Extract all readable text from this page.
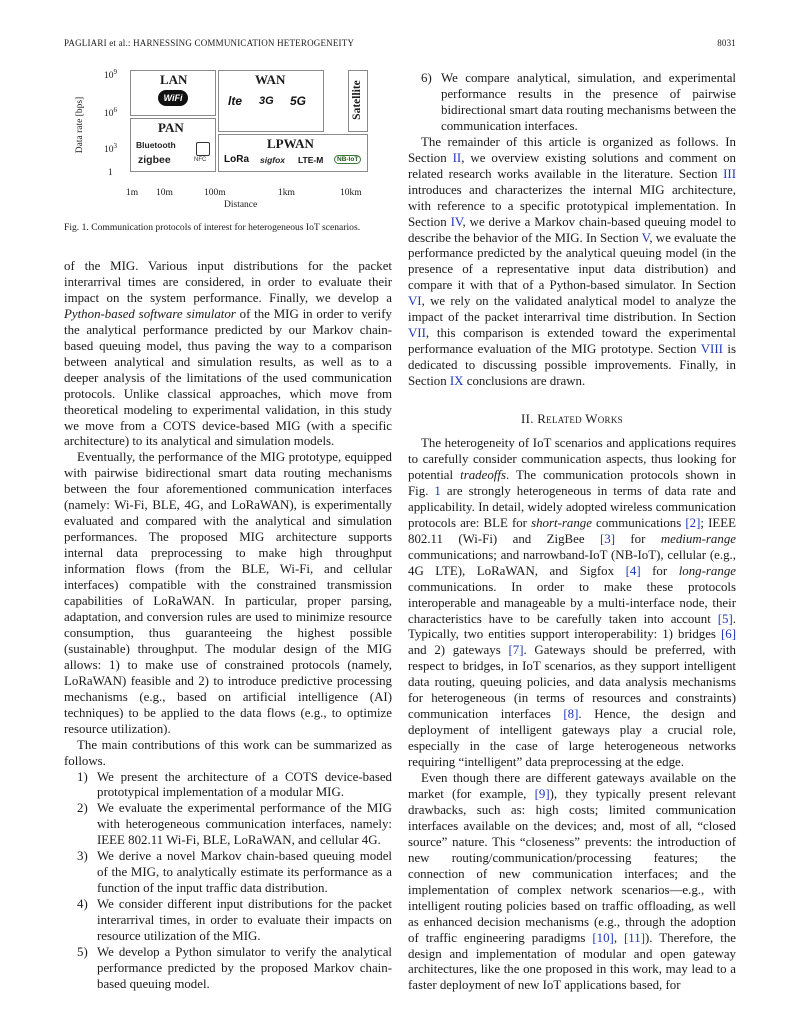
PAGLIARI et al.: HARNESSING COMMUNICATION HETEROGENEITY	8031
Data rate [bps]
$10^9$
$10^6$
$10^3$
1
LAN
WiFi
WAN
lte 3G 5G	Satellite
PAN
Bluetooth
zigbee	NFC
LPWAN
LoRa sigfox LTE-M	NB-IoT
1m 10m	100m	1km	10km
Distance
Fig. 1. Communication protocols of interest for heterogeneous IoT scenarios.

of the MIG. Various input distributions for the packet interarrival times are considered, in order to evaluate their impact on the system performance. Finally, we develop a Python-based software simulator of the MIG in order to verify the analytical performance predicted by our Markov chain-based queuing model, thus paving the way to a comparison between analytical and simulation results, as well as to a deeper analysis of the limitations of the used communication protocols. Unlike classical approaches, which move from theoretical modeling to experimental validation, in this study we move from a COTS device-based MIG (with a specific architecture) to its analytical and simulation models.

Eventually, the performance of the MIG prototype, equipped with pairwise bidirectional smart data routing mechanisms between the four aforementioned communication interfaces (namely: Wi-Fi, BLE, 4G, and LoRaWAN), is experimentally evaluated and compared with the analytical and simulation performances. The proposed MIG architecture supports internal data preprocessing to make high throughput information flows (from the BLE, Wi-Fi, and cellular interfaces) compatible with the constrained transmission capabilities of LoRaWAN. In particular, proper parsing, adaptation, and conversion rules are used to minimize resource consumption, thus guaranteeing the highest possible (sustainable) throughput. The modular design of the MIG allows: 1) to make use of constrained protocols (namely, LoRaWAN) feasible and 2) to introduce predictive processing mechanisms (e.g., based on artificial intelligence (AI) techniques) to be applied to the data flows (e.g., to optimize resource utilization).

The main contributions of this work can be summarized as follows.

1) We present the architecture of a COTS device-based prototypical implementation of a modular MIG.
2) We evaluate the experimental performance of the MIG with heterogeneous communication interfaces, namely: IEEE 802.11 Wi-Fi, BLE, LoRaWAN, and cellular 4G.
3) We derive a novel Markov chain-based queuing model of the MIG, to analytically estimate its performance as a function of the input traffic data distribution.
4) We consider different input distributions for the packet interarrival times, in order to evaluate their impacts on resource utilization of the MIG.
5) We develop a Python simulator to verify the analytical performance predicted by the proposed Markov chain-based queuing model.
6) We compare analytical, simulation, and experimental performance results in the presence of pairwise bidirectional smart data routing mechanisms between the communication interfaces.

The remainder of this article is organized as follows. In Section II, we overview existing solutions and comment on related research works available in the literature. Section III introduces and characterizes the internal MIG architecture, with reference to a specific prototypical implementation. In Section IV, we derive a Markov chain-based queuing model to describe the behavior of the MIG. In Section V, we evaluate the performance predicted by the analytical queuing model (in the presence of a representative input data distribution) and compare it with that of a Python-based simulator. In Section VI, we rely on the validated analytical model to analyze the impact of the packet interarrival time distribution. In Section VII, this comparison is extended toward the experimental performance evaluation of the MIG prototype. Section VIII is dedicated to discussing possible improvements. Finally, in Section IX conclusions are drawn.

II. Related Works

The heterogeneity of IoT scenarios and applications requires to carefully consider communication aspects, thus looking for potential tradeoffs. The communication protocols shown in Fig. 1 are strongly heterogeneous in terms of data rate and applicability. In detail, widely adopted wireless communication protocols are: BLE for short-range communications [2]; IEEE 802.11 (Wi-Fi) and ZigBee [3] for medium-range communications; and narrowband-IoT (NB-IoT), cellular (e.g., 4G LTE), LoRaWAN, and Sigfox [4] for long-range communications. In order to make these protocols interoperable and manageable by a multi-interface node, their characteristics have to be carefully taken into account [5]. Typically, two entities support interoperability: 1) bridges [6] and 2) gateways [7]. Gateways should be preferred, with respect to bridges, in IoT scenarios, as they support intelligent data routing, queuing policies, and data analysis mechanisms for heterogeneous (in terms of resources and constraints) communication interfaces [8]. Hence, the design and deployment of intelligent gateways play a crucial role, especially in the case of large heterogeneous networks requiring “intelligent” data preprocessing at the edge.

Even though there are different gateways available on the market (for example, [9]), they typically present relevant drawbacks, such as: high costs; limited communication interfaces available on the devices; and, most of all, “closed source” nature. This “closeness” prevents: the introduction of new routing/communication/processing features; the connection of new communication interfaces; and the implementation of complex network scenarios—e.g., with intelligent routing policies based on traffic offloading, as well as enhanced decision mechanisms (e.g., through the adoption of traffic engineering paradigms [10], [11]). Therefore, the design and implementation of modular and open gateway architectures, like the one proposed in this work, may lead to a faster deployment of new IoT applications based, for
